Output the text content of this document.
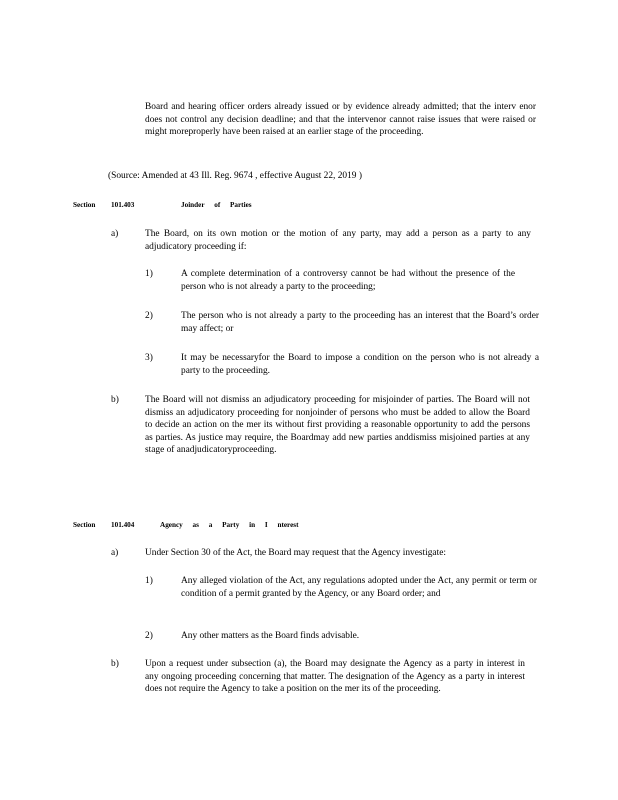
Board and hearing officer orders already issued or by evidence already admitted; that the interv enor does not control any decision deadline; and that the intervenor cannot raise issues that were raised or might moreproperly have been raised at an earlier stage of the proceeding.

(Source: Amended at 43 Ill. Reg. 9674 , effective August 22, 2019 )

Section 101.403	Joinder of Parties
a)	The Board, on its own motion or the motion of any party, may add a person as a party to any adjudicatory proceeding if:

1)	A complete determination of a controversy cannot be had without the presence of the person who is not already a party to the proceeding;

2)	The person who is not already a party to the proceeding has an interest that the Board’s order may affect; or

3)	It may be necessaryfor the Board to impose a condition on the person who is not already a party to the proceeding.

b)	The Board will not dismiss an adjudicatory proceeding for misjoinder of parties. The Board will not dismiss an adjudicatory proceeding for nonjoinder of persons who must be added to allow the Board to decide an action on the mer its without first providing a reasonable opportunity to add the persons as parties. As justice may require, the Boardmay add new parties anddismiss misjoined parties at any stage of anadjudicatoryproceeding.

Section 101.404	Agency as a Party in I nterest
a)	Under Section 30 of the Act, the Board may request that the Agency investigate:

1)	Any alleged violation of the Act, any regulations adopted under the Act, any permit or term or condition of a permit granted by the Agency, or any Board order; and

2)	Any other matters as the Board finds advisable.

b)	Upon a request under subsection (a), the Board may designate the Agency as a party in interest in any ongoing proceeding concerning that matter. The designation of the Agency as a party in interest does not require the Agency to take a position on the mer its of the proceeding.
